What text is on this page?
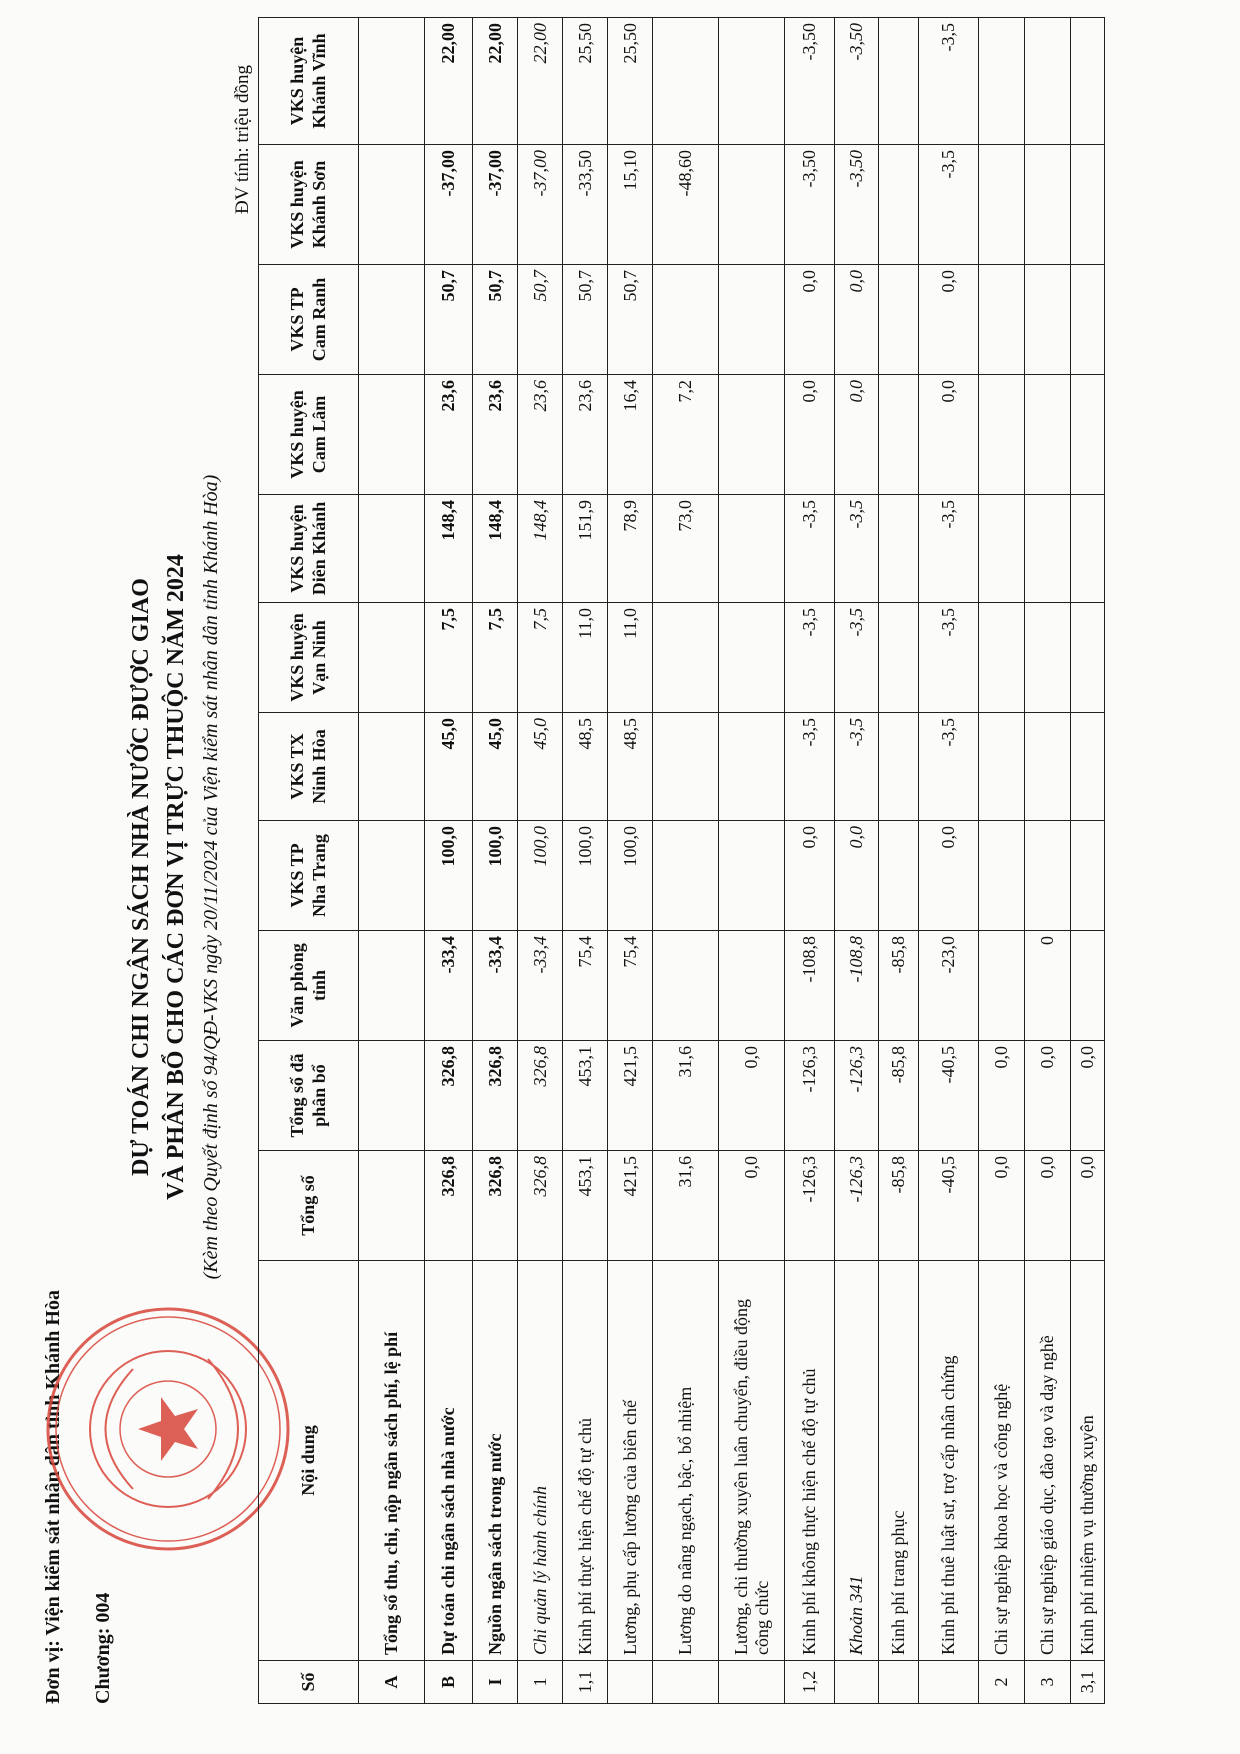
Đơn vị: Viện kiểm sát nhân dân tỉnh Khánh Hòa Chương: 004
DỰ TOÁN CHI NGÂN SÁCH NHÀ NƯỚC ĐƯỢC GIAO VÀ PHÂN BỔ CHO CÁC ĐƠN VỊ TRỰC THUỘC NĂM 2024 (Kèm theo Quyết định số 94/QĐ-VKS ngày 20/11/2024 của Viện kiểm sát nhân dân tỉnh Khánh Hòa)
ĐV tính: triệu đồng
Số	Nội dung	Tổng số	Tổng số đã phân bổ	Văn phòng tỉnh	VKS TP Nha Trang	VKS TX Ninh Hòa	VKS huyện Vạn Ninh	VKS huyện Diên Khánh	VKS huyện Cam Lâm	VKS TP Cam Ranh	VKS huyện Khánh Sơn	VKS huyện Khánh Vĩnh
A	Tổng số thu, chi, nộp ngân sách phí, lệ phí											
B	Dự toán chi ngân sách nhà nước	326,8	326,8	-33,4	100,0	45,0	7,5	148,4	23,6	50,7	-37,00	22,00
I	Nguồn ngân sách trong nước	326,8	326,8	-33,4	100,0	45,0	7,5	148,4	23,6	50,7	-37,00	22,00
1	Chi quản lý hành chính	326,8	326,8	-33,4	100,0	45,0	7,5	148,4	23,6	50,7	-37,00	22,00
1,1	Kinh phí thực hiện chế độ tự chủ	453,1	453,1	75,4	100,0	48,5	11,0	151,9	23,6	50,7	-33,50	25,50
	Lương, phụ cấp lương của biên chế	421,5	421,5	75,4	100,0	48,5	11,0	78,9	16,4	50,7	15,10	25,50
	Lương do nâng ngạch, bậc, bổ nhiệm	31,6	31,6					73,0	7,2		-48,60	
	Lương, chi thường xuyên luân chuyển, điều động công chức	0,0	0,0									
1,2	Kinh phí không thực hiện chế độ tự chủ	-126,3	-126,3	-108,8	0,0	-3,5	-3,5	-3,5	0,0	0,0	-3,50	-3,50
	Khoản 341	-126,3	-126,3	-108,8	0,0	-3,5	-3,5	-3,5	0,0	0,0	-3,50	-3,50
	Kinh phí trang phục	-85,8	-85,8	-85,8								
	Kinh phí thuê luật sư, trợ cấp nhân chứng	-40,5	-40,5	-23,0	0,0	-3,5	-3,5	-3,5	0,0	0,0	-3,5	-3,5
2	Chi sự nghiệp khoa học và công nghệ	0,0	0,0									
3	Chi sự nghiệp giáo dục, đào tạo và dạy nghề	0,0	0,0	0								
3,1	Kinh phí nhiệm vụ thường xuyên	0,0	0,0									
